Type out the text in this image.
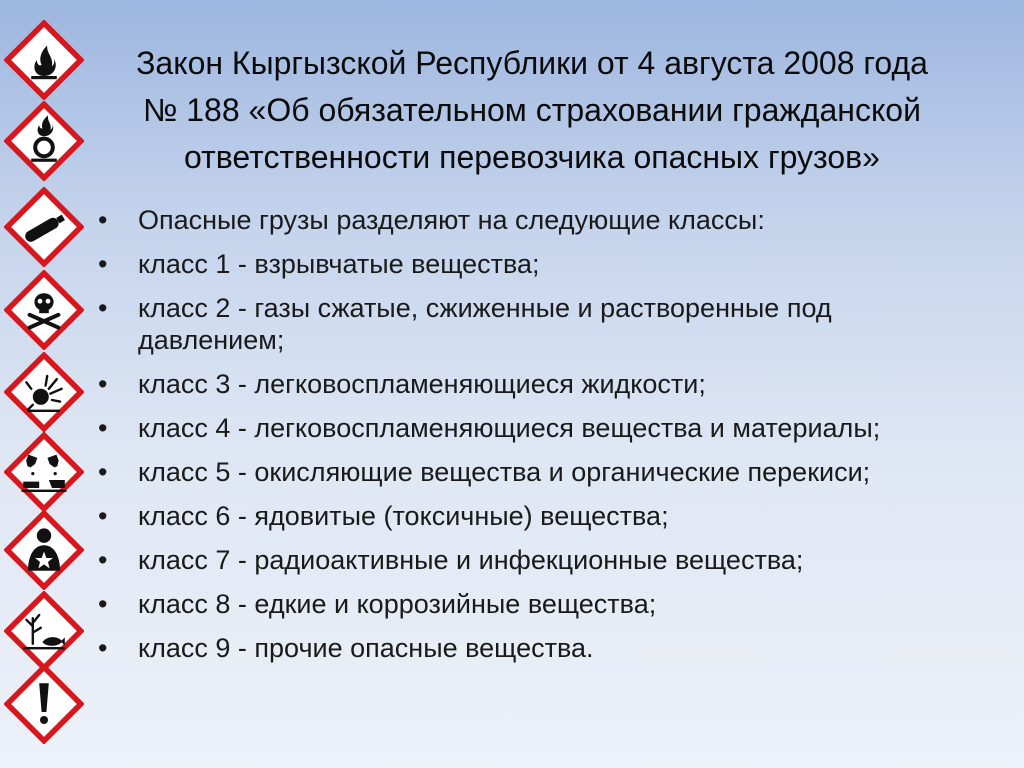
Закон Кыргызской Республики от 4 августа 2008 года
№ 188 «Об обязательном страховании гражданской
ответственности перевозчика опасных грузов»
• Опасные грузы разделяют на следующие классы:
• класс 1 - взрывчатые вещества;
• класс 2 - газы сжатые, сжиженные и растворенные под давлением;
• класс 3 - легковоспламеняющиеся жидкости;
• класс 4 - легковоспламеняющиеся вещества и материалы;
• класс 5 - окисляющие вещества и органические перекиси;
• класс 6 - ядовитые (токсичные) вещества;
• класс 7 - радиоактивные и инфекционные вещества;
• класс 8 - едкие и коррозийные вещества;
• класс 9 - прочие опасные вещества.
